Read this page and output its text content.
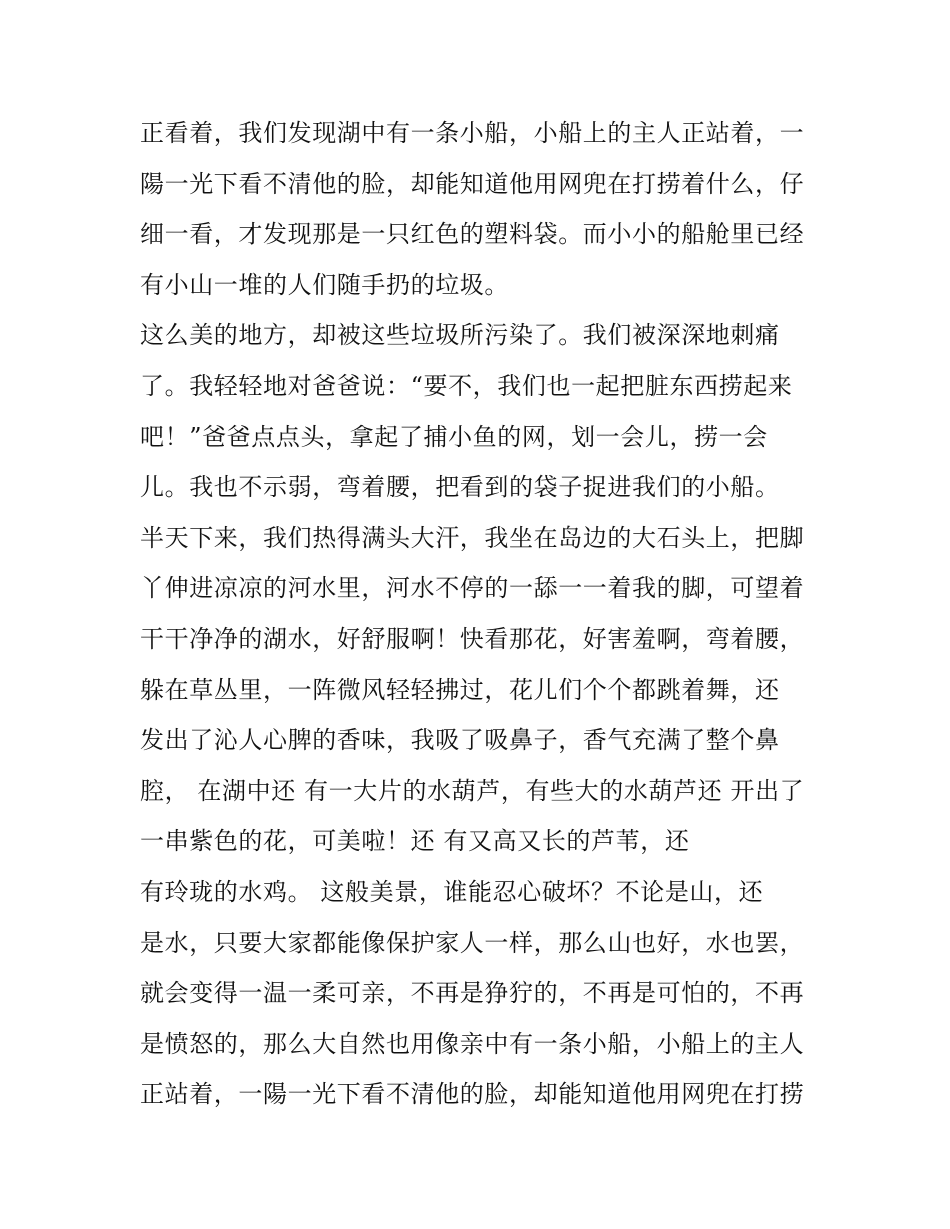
正看着，我们发现湖中有一条小船，小船上的主人正站着，一
陽一光下看不清他的脸，却能知道他用网兜在打捞着什么，仔
细一看，才发现那是一只红色的塑料袋。而小小的船舱里已经
有小山一堆的人们随手扔的垃圾。
这么美的地方，却被这些垃圾所污染了。我们被深深地刺痛
了。我轻轻地对爸爸说：“要不，我们也一起把脏东西捞起来
吧！”爸爸点点头，拿起了捕小鱼的网，划一会儿，捞一会
儿。我也不示弱，弯着腰，把看到的袋子捉进我们的小船。
半天下来，我们热得满头大汗，我坐在岛边的大石头上，把脚
丫伸进凉凉的河水里，河水不停的一舔一一着我的脚，可望着
干干净净的湖水，好舒服啊！快看那花，好害羞啊，弯着腰，
躲在草丛里，一阵微风轻轻拂过，花儿们个个都跳着舞，还
发出了沁人心脾的香味，我吸了吸鼻子，香气充满了整个鼻
腔， 在湖中还 有一大片的水葫芦，有些大的水葫芦还 开出了
一串紫色的花，可美啦！还 有又高又长的芦苇，还
有玲珑的水鸡。 这般美景，谁能忍心破坏？不论是山，还
是水，只要大家都能像保护家人一样，那么山也好，水也罢，
就会变得一温一柔可亲，不再是狰狞的，不再是可怕的，不再
是愤怒的，那么大自然也用像亲中有一条小船，小船上的主人
正站着，一陽一光下看不清他的脸，却能知道他用网兜在打捞
